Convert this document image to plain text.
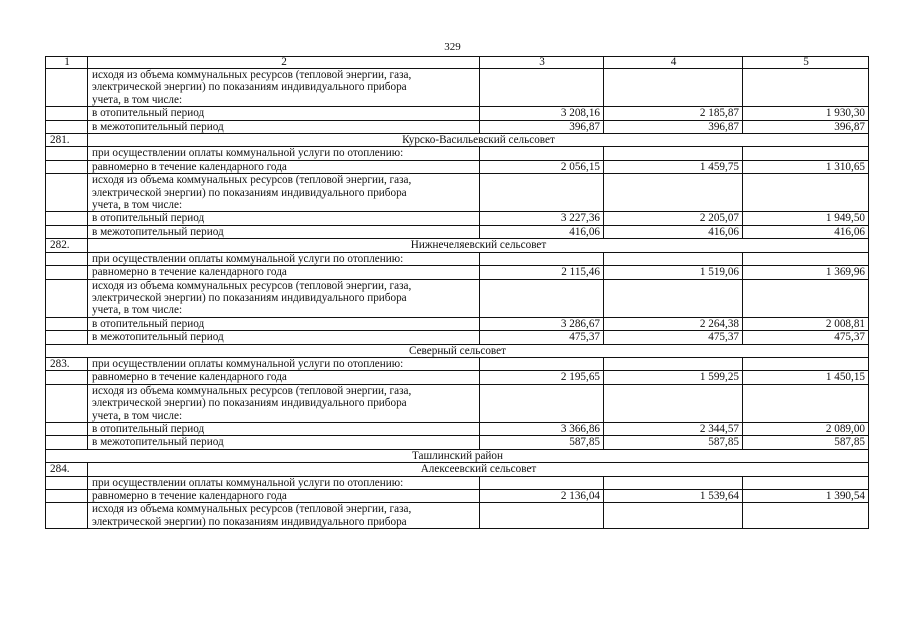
329
1	2	3	4	5

	исходя из объема коммунальных ресурсов (тепловой энергии, газа,
электрической энергии) по показаниям индивидуального прибора
учета, в том числе:			

	в отопительный период	3 208,16	2 185,87	1 930,30
	в межотопительный период	396,87	396,87	396,87
281.	Курско-Васильевский сельсовет			
	при осуществлении оплаты коммунальной услуги по отоплению:			
	равномерно в течение календарного года	2 056,15	1 459,75	1 310,65

	исходя из объема коммунальных ресурсов (тепловой энергии, газа,
электрической энергии) по показаниям индивидуального прибора
учета, в том числе:			

	в отопительный период	3 227,36	2 205,07	1 949,50
	в межотопительный период	416,06	416,06	416,06
282.	Нижнечеляевский сельсовет			
	при осуществлении оплаты коммунальной услуги по отоплению:			
	равномерно в течение календарного года	2 115,46	1 519,06	1 369,96

	исходя из объема коммунальных ресурсов (тепловой энергии, газа,
электрической энергии) по показаниям индивидуального прибора
учета, в том числе:			

	в отопительный период	3 286,67	2 264,38	2 008,81
	в межотопительный период	475,37	475,37	475,37
Северный сельсовет				
283.	при осуществлении оплаты коммунальной услуги по отоплению:			
	равномерно в течение календарного года	2 195,65	1 599,25	1 450,15

	исходя из объема коммунальных ресурсов (тепловой энергии, газа,
электрической энергии) по показаниям индивидуального прибора
учета, в том числе:			

	в отопительный период	3 366,86	2 344,57	2 089,00
	в межотопительный период	587,85	587,85	587,85
Ташлинский район				
284.	Алексеевский сельсовет			
	при осуществлении оплаты коммунальной услуги по отоплению:			
	равномерно в течение календарного года	2 136,04	1 539,64	1 390,54

	исходя из объема коммунальных ресурсов (тепловой энергии, газа,
электрической энергии) по показаниям индивидуального прибора			
